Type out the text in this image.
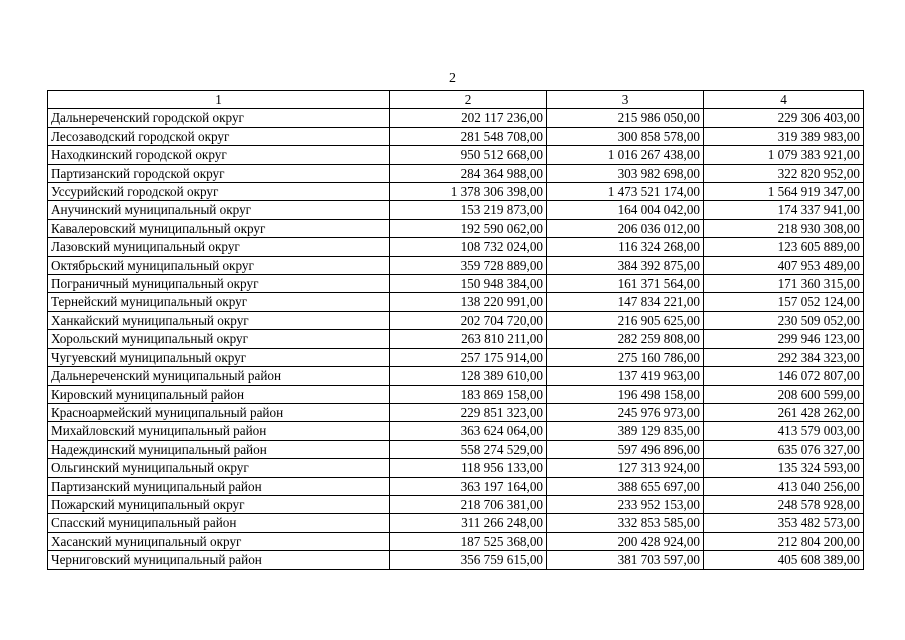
2
1	2	3	4
Дальнереченский городской округ	202 117 236,00	215 986 050,00	229 306 403,00
Лесозаводский городской округ	281 548 708,00	300 858 578,00	319 389 983,00
Находкинский городской округ	950 512 668,00	1 016 267 438,00	1 079 383 921,00
Партизанский городской округ	284 364 988,00	303 982 698,00	322 820 952,00
Уссурийский городской округ	1 378 306 398,00	1 473 521 174,00	1 564 919 347,00
Анучинский муниципальный округ	153 219 873,00	164 004 042,00	174 337 941,00
Кавалеровский муниципальный округ	192 590 062,00	206 036 012,00	218 930 308,00
Лазовский муниципальный округ	108 732 024,00	116 324 268,00	123 605 889,00
Октябрьский муниципальный округ	359 728 889,00	384 392 875,00	407 953 489,00
Пограничный муниципальный округ	150 948 384,00	161 371 564,00	171 360 315,00
Тернейский муниципальный округ	138 220 991,00	147 834 221,00	157 052 124,00
Ханкайский муниципальный округ	202 704 720,00	216 905 625,00	230 509 052,00
Хорольский муниципальный округ	263 810 211,00	282 259 808,00	299 946 123,00
Чугуевский муниципальный округ	257 175 914,00	275 160 786,00	292 384 323,00
Дальнереченский муниципальный район	128 389 610,00	137 419 963,00	146 072 807,00
Кировский муниципальный район	183 869 158,00	196 498 158,00	208 600 599,00
Красноармейский муниципальный район	229 851 323,00	245 976 973,00	261 428 262,00
Михайловский муниципальный район	363 624 064,00	389 129 835,00	413 579 003,00
Надеждинский муниципальный район	558 274 529,00	597 496 896,00	635 076 327,00
Ольгинский муниципальный округ	118 956 133,00	127 313 924,00	135 324 593,00
Партизанский муниципальный район	363 197 164,00	388 655 697,00	413 040 256,00
Пожарский муниципальный округ	218 706 381,00	233 952 153,00	248 578 928,00
Спасский муниципальный район	311 266 248,00	332 853 585,00	353 482 573,00
Хасанский муниципальный округ	187 525 368,00	200 428 924,00	212 804 200,00
Черниговский муниципальный район	356 759 615,00	381 703 597,00	405 608 389,00
